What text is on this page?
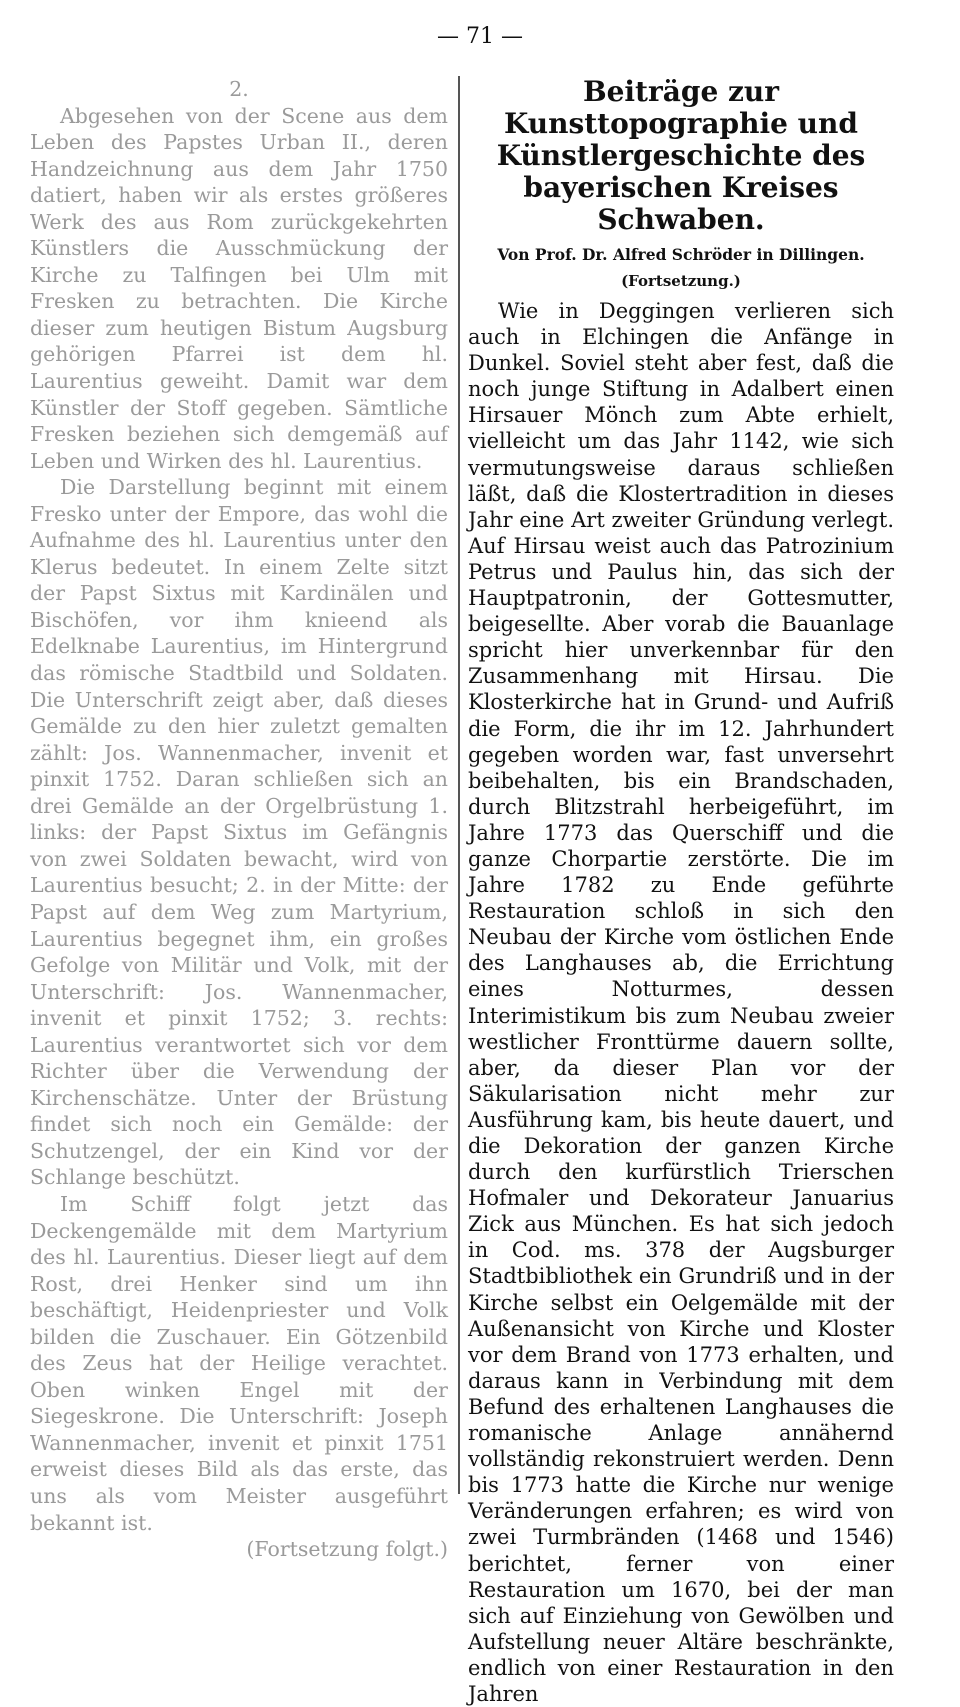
— 71 —

2.

Abgesehen von der Scene aus dem Leben des Papstes Urban II., deren Handzeichnung aus dem Jahr 1750 datiert, haben wir als erstes größeres Werk des aus Rom zurückgekehrten Künstlers die Ausschmückung der Kirche zu Talfingen bei Ulm mit Fresken zu betrachten. Die Kirche dieser zum heutigen Bistum Augsburg gehörigen Pfarrei ist dem hl. Laurentius geweiht. Damit war dem Künstler der Stoff gegeben. Sämtliche Fresken beziehen sich demgemäß auf Leben und Wirken des hl. Laurentius.

Die Darstellung beginnt mit einem Fresko unter der Empore, das wohl die Aufnahme des hl. Laurentius unter den Klerus bedeutet. In einem Zelte sitzt der Papst Sixtus mit Kardinälen und Bischöfen, vor ihm knieend als Edelknabe Laurentius, im Hintergrund das römische Stadtbild und Soldaten. Die Unterschrift zeigt aber, daß dieses Gemälde zu den hier zuletzt gemalten zählt: Jos. Wannenmacher, invenit et pinxit 1752. Daran schließen sich an drei Gemälde an der Orgelbrüstung 1. links: der Papst Sixtus im Gefängnis von zwei Soldaten bewacht, wird von Laurentius besucht; 2. in der Mitte: der Papst auf dem Weg zum Martyrium, Laurentius begegnet ihm, ein großes Gefolge von Militär und Volk, mit der Unterschrift: Jos. Wannenmacher, invenit et pinxit 1752; 3. rechts: Laurentius verantwortet sich vor dem Richter über die Verwendung der Kirchenschätze. Unter der Brüstung findet sich noch ein Gemälde: der Schutzengel, der ein Kind vor der Schlange beschützt.

Im Schiff folgt jetzt das Deckengemälde mit dem Martyrium des hl. Laurentius. Dieser liegt auf dem Rost, drei Henker sind um ihn beschäftigt, Heidenpriester und Volk bilden die Zuschauer. Ein Götzenbild des Zeus hat der Heilige verachtet. Oben winken Engel mit der Siegeskrone. Die Unterschrift: Joseph Wannenmacher, invenit et pinxit 1751 erweist dieses Bild als das erste, das uns als vom Meister ausgeführt bekannt ist.

(Fortsetzung folgt.)

Beiträge zur Kunsttopographie und Künstlergeschichte des bayerischen Kreises Schwaben.

Von Prof. Dr. Alfred Schröder in Dillingen.

(Fortsetzung.)

Wie in Deggingen verlieren sich auch in Elchingen die Anfänge in Dunkel. Soviel steht aber fest, daß die noch junge Stiftung in Adalbert einen Hirsauer Mönch zum Abte erhielt, vielleicht um das Jahr 1142, wie sich vermutungsweise daraus schließen läßt, daß die Klostertradition in dieses Jahr eine Art zweiter Gründung verlegt. Auf Hirsau weist auch das Patrozinium Petrus und Paulus hin, das sich der Hauptpatronin, der Gottesmutter, beigesellte. Aber vorab die Bauanlage spricht hier unverkennbar für den Zusammenhang mit Hirsau. Die Klosterkirche hat in Grund- und Aufriß die Form, die ihr im 12. Jahrhundert gegeben worden war, fast unversehrt beibehalten, bis ein Brandschaden, durch Blitzstrahl herbeigeführt, im Jahre 1773 das Querschiff und die ganze Chorpartie zerstörte. Die im Jahre 1782 zu Ende geführte Restauration schloß in sich den Neubau der Kirche vom östlichen Ende des Langhauses ab, die Errichtung eines Notturmes, dessen Interimistikum bis zum Neubau zweier westlicher Fronttürme dauern sollte, aber, da dieser Plan vor der Säkularisation nicht mehr zur Ausführung kam, bis heute dauert, und die Dekoration der ganzen Kirche durch den kurfürstlich Trierschen Hofmaler und Dekorateur Januarius Zick aus München. Es hat sich jedoch in Cod. ms. 378 der Augsburger Stadtbibliothek ein Grundriß und in der Kirche selbst ein Oelgemälde mit der Außenansicht von Kirche und Kloster vor dem Brand von 1773 erhalten, und daraus kann in Verbindung mit dem Befund des erhaltenen Langhauses die romanische Anlage annähernd vollständig rekonstruiert werden. Denn bis 1773 hatte die Kirche nur wenige Veränderungen erfahren; es wird von zwei Turmbränden (1468 und 1546) berichtet, ferner von einer Restauration um 1670, bei der man sich auf Einziehung von Gewölben und Aufstellung neuer Altäre beschränkte, endlich von einer Restauration in den Jahren
